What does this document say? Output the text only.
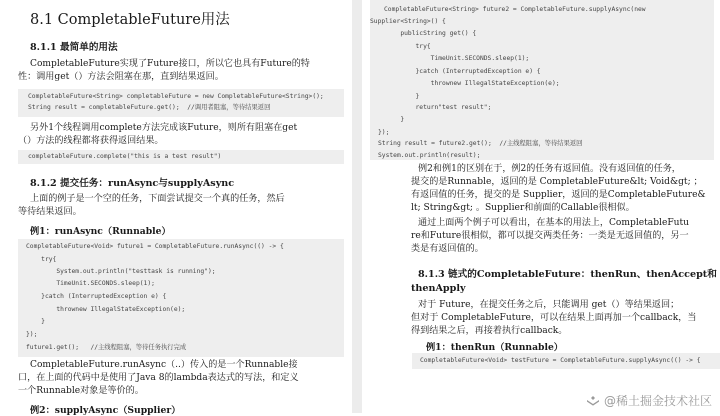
8.1 CompletableFuture用法
8.1.1 最简单的用法
CompletableFuture实现了Future接口，所以它也具有Future的特
性：调用get（）方法会阻塞在那，直到结果返回。
CompletableFuture<String> completableFuture = new CompletableFuture<String>();
String result = completableFuture.get();  //调用者阻塞，等待结果返回
另外1个线程调用complete方法完成该Future，则所有阻塞在get
（）方法的线程都将获得返回结果。
completableFuture.complete("this is a test result")
8.1.2 提交任务：runAsync与supplyAsync
上面的例子是一个空的任务，下面尝试提交一个真的任务，然后
等待结果返回。
例1：runAsync（Runnable）
CompletableFuture<Void> future1 = CompletableFuture.runAsync(() -> {
try{
System.out.println("testtask is running");
TimeUnit.SECONDS.sleep(1);
}catch (InterruptedException e) {
thrownew IllegalStateException(e);
}
});
future1.get();   //主线程阻塞，等待任务执行完成
CompletableFuture.runAsync（..）传入的是一个Runnable接
口，在上面的代码中是使用了Java 8的lambda表达式的写法，和定义
一个Runnable对象是等价的。
例2：supplyAsync（Supplier）
CompletableFuture<String> future2 = CompletableFuture.supplyAsync(new
Supplier<String>() {
publicString get() {
try{
TimeUnit.SECONDS.sleep(1);
}catch (InterruptedException e) {
thrownew IllegalStateException(e);
}
return"test result";
}
});
String result = future2.get();  //主线程阻塞，等待结果返回
System.out.println(result);
例2和例1的区别在于，例2的任务有返回值。没有返回值的任务，
提交的是Runnable，返回的是 CompletableFuture&lt; Void&gt; ；
有返回值的任务，提交的是 Supplier，返回的是CompletableFuture&
lt; String&gt; 。Supplier和前面的Callable很相似。
通过上面两个例子可以看出，在基本的用法上，CompletableFutu
re和Future很相似，都可以提交两类任务：一类是无返回值的，另一
类是有返回值的。
8.1.3 链式的CompletableFuture：thenRun、thenAccept和
thenApply
对于 Future，在提交任务之后，只能调用 get（）等结果返回；
但对于 CompletableFuture，可以在结果上面再加一个callback，当
得到结果之后，再接着执行callback。
例1：thenRun（Runnable）
CompletableFuture<Void> testFuture = CompletableFuture.supplyAsync(() -> {
@稀土掘金技术社区
